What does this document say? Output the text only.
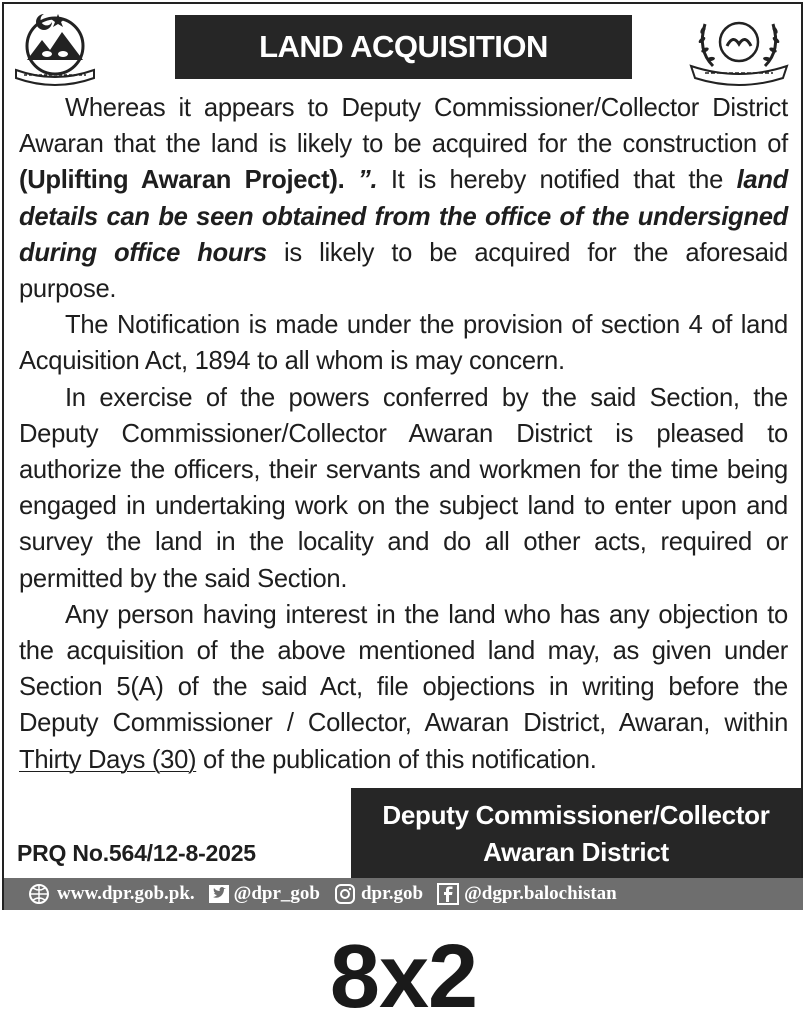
LAND ACQUISITION

Whereas it appears to Deputy Commissioner/Collector District Awaran that the land is likely to be acquired for the construction of (Uplifting Awaran Project). ”. It is hereby notified that the land details can be seen obtained from the office of the undersigned during office hours is likely to be acquired for the aforesaid purpose.

The Notification is made under the provision of section 4 of land Acquisition Act, 1894 to all whom is may concern.

In exercise of the powers conferred by the said Section, the Deputy Commissioner/Collector Awaran District is pleased to authorize the officers, their servants and workmen for the time being engaged in undertaking work on the subject land to enter upon and survey the land in the locality and do all other acts, required or permitted by the said Section.

Any person having interest in the land who has any objection to the acquisition of the above mentioned land may, as given under Section 5(A) of the said Act, file objections in writing before the Deputy Commissioner / Collector, Awaran District, Awaran, within Thirty Days (30) of the publication of this notification.

Deputy Commissioner/Collector
Awaran District
PRQ No.564/12-8-2025
www.dpr.gob.pk. @dpr_gob dpr.gob @dgpr.balochistan
8x2
